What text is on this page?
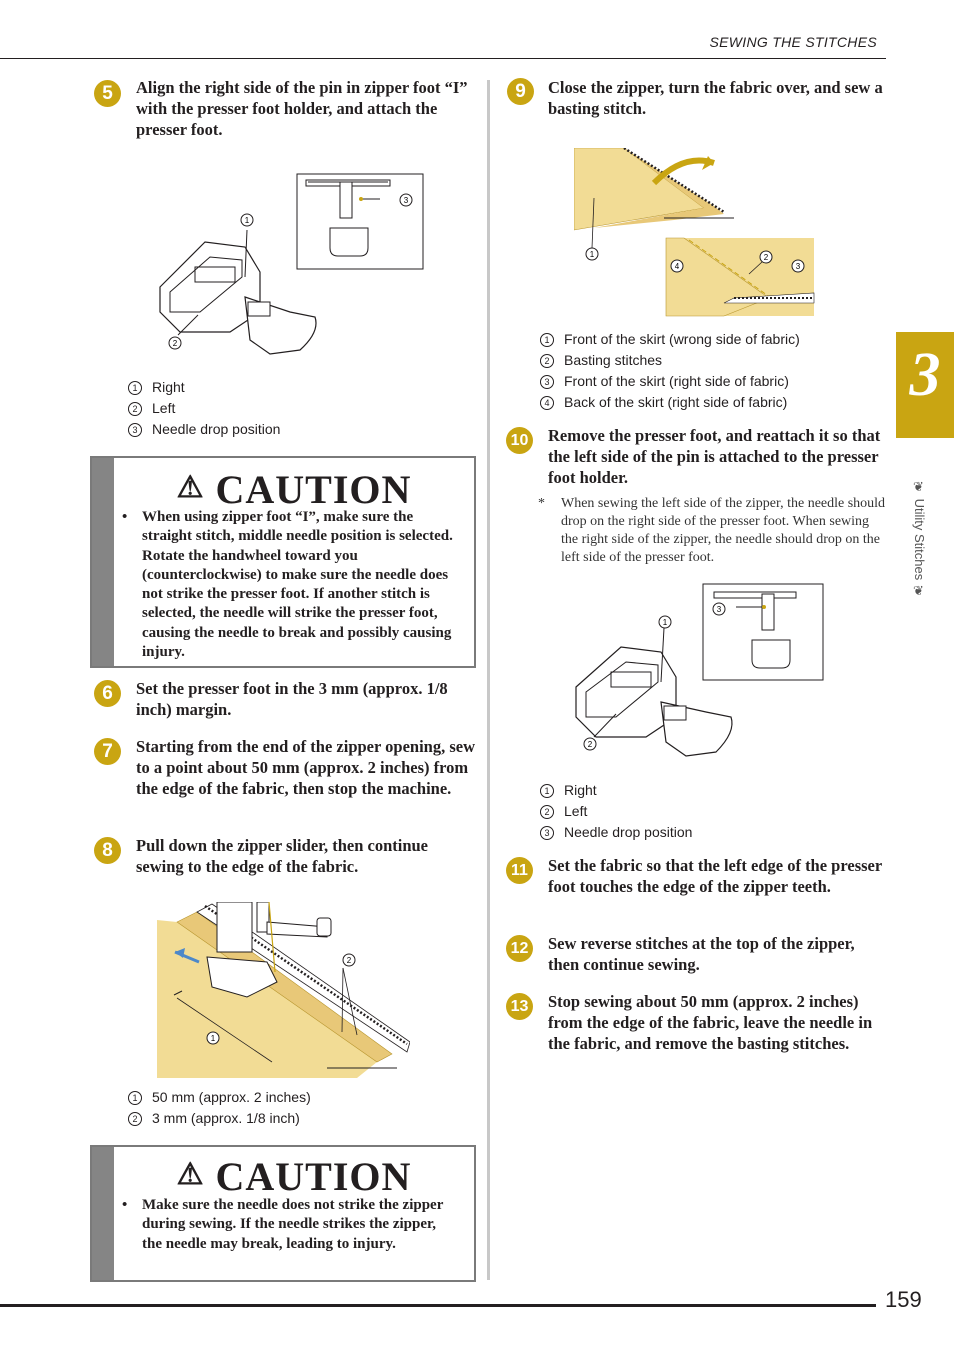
SEWING THE STITCHES
3
❦ Utility Stitches ❦
5	Align the right side of the pin in zipper foot “I” with the presser foot holder, and attach the presser foot.
3
1
2
1	Right
2	Left
3	Needle drop position
⚠ CAUTION
• When using zipper foot “I”, make sure the straight stitch, middle needle position is selected. Rotate the handwheel toward you (counterclockwise) to make sure the needle does not strike the presser foot. If another stitch is selected, the needle will strike the presser foot, causing the needle to break and possibly causing injury.
6	Set the presser foot in the 3 mm (approx. 1/8 inch) margin.
7	Starting from the end of the zipper opening, sew to a point about 50 mm (approx. 2 inches) from the edge of the fabric, then stop the machine.
8	Pull down the zipper slider, then continue sewing to the edge of the fabric.
1
2
1	50 mm (approx. 2 inches)
2	3 mm (approx. 1/8 inch)
⚠ CAUTION
• Make sure the needle does not strike the zipper during sewing. If the needle strikes the zipper, the needle may break, leading to injury.
9	Close the zipper, turn the fabric over, and sew a basting stitch.
1	2
3
4
1	Front of the skirt (wrong side of fabric)
2	Basting stitches
3	Front of the skirt (right side of fabric)
4	Back of the skirt (right side of fabric)
10 Remove the presser foot, and reattach it so that the left side of the pin is attached to the presser foot holder.
*	When sewing the left side of the zipper, the needle should drop on the right side of the presser foot. When sewing the right side of the zipper, the needle should drop on the left side of the presser foot.
3
1
2
1	Right
2	Left
3	Needle drop position
11	Set the fabric so that the left edge of the presser foot touches the edge of the zipper teeth.
12 Sew reverse stitches at the top of the zipper, then continue sewing.
13 Stop sewing about 50 mm (approx. 2 inches) from the edge of the fabric, leave the needle in the fabric, and remove the basting stitches.
159
